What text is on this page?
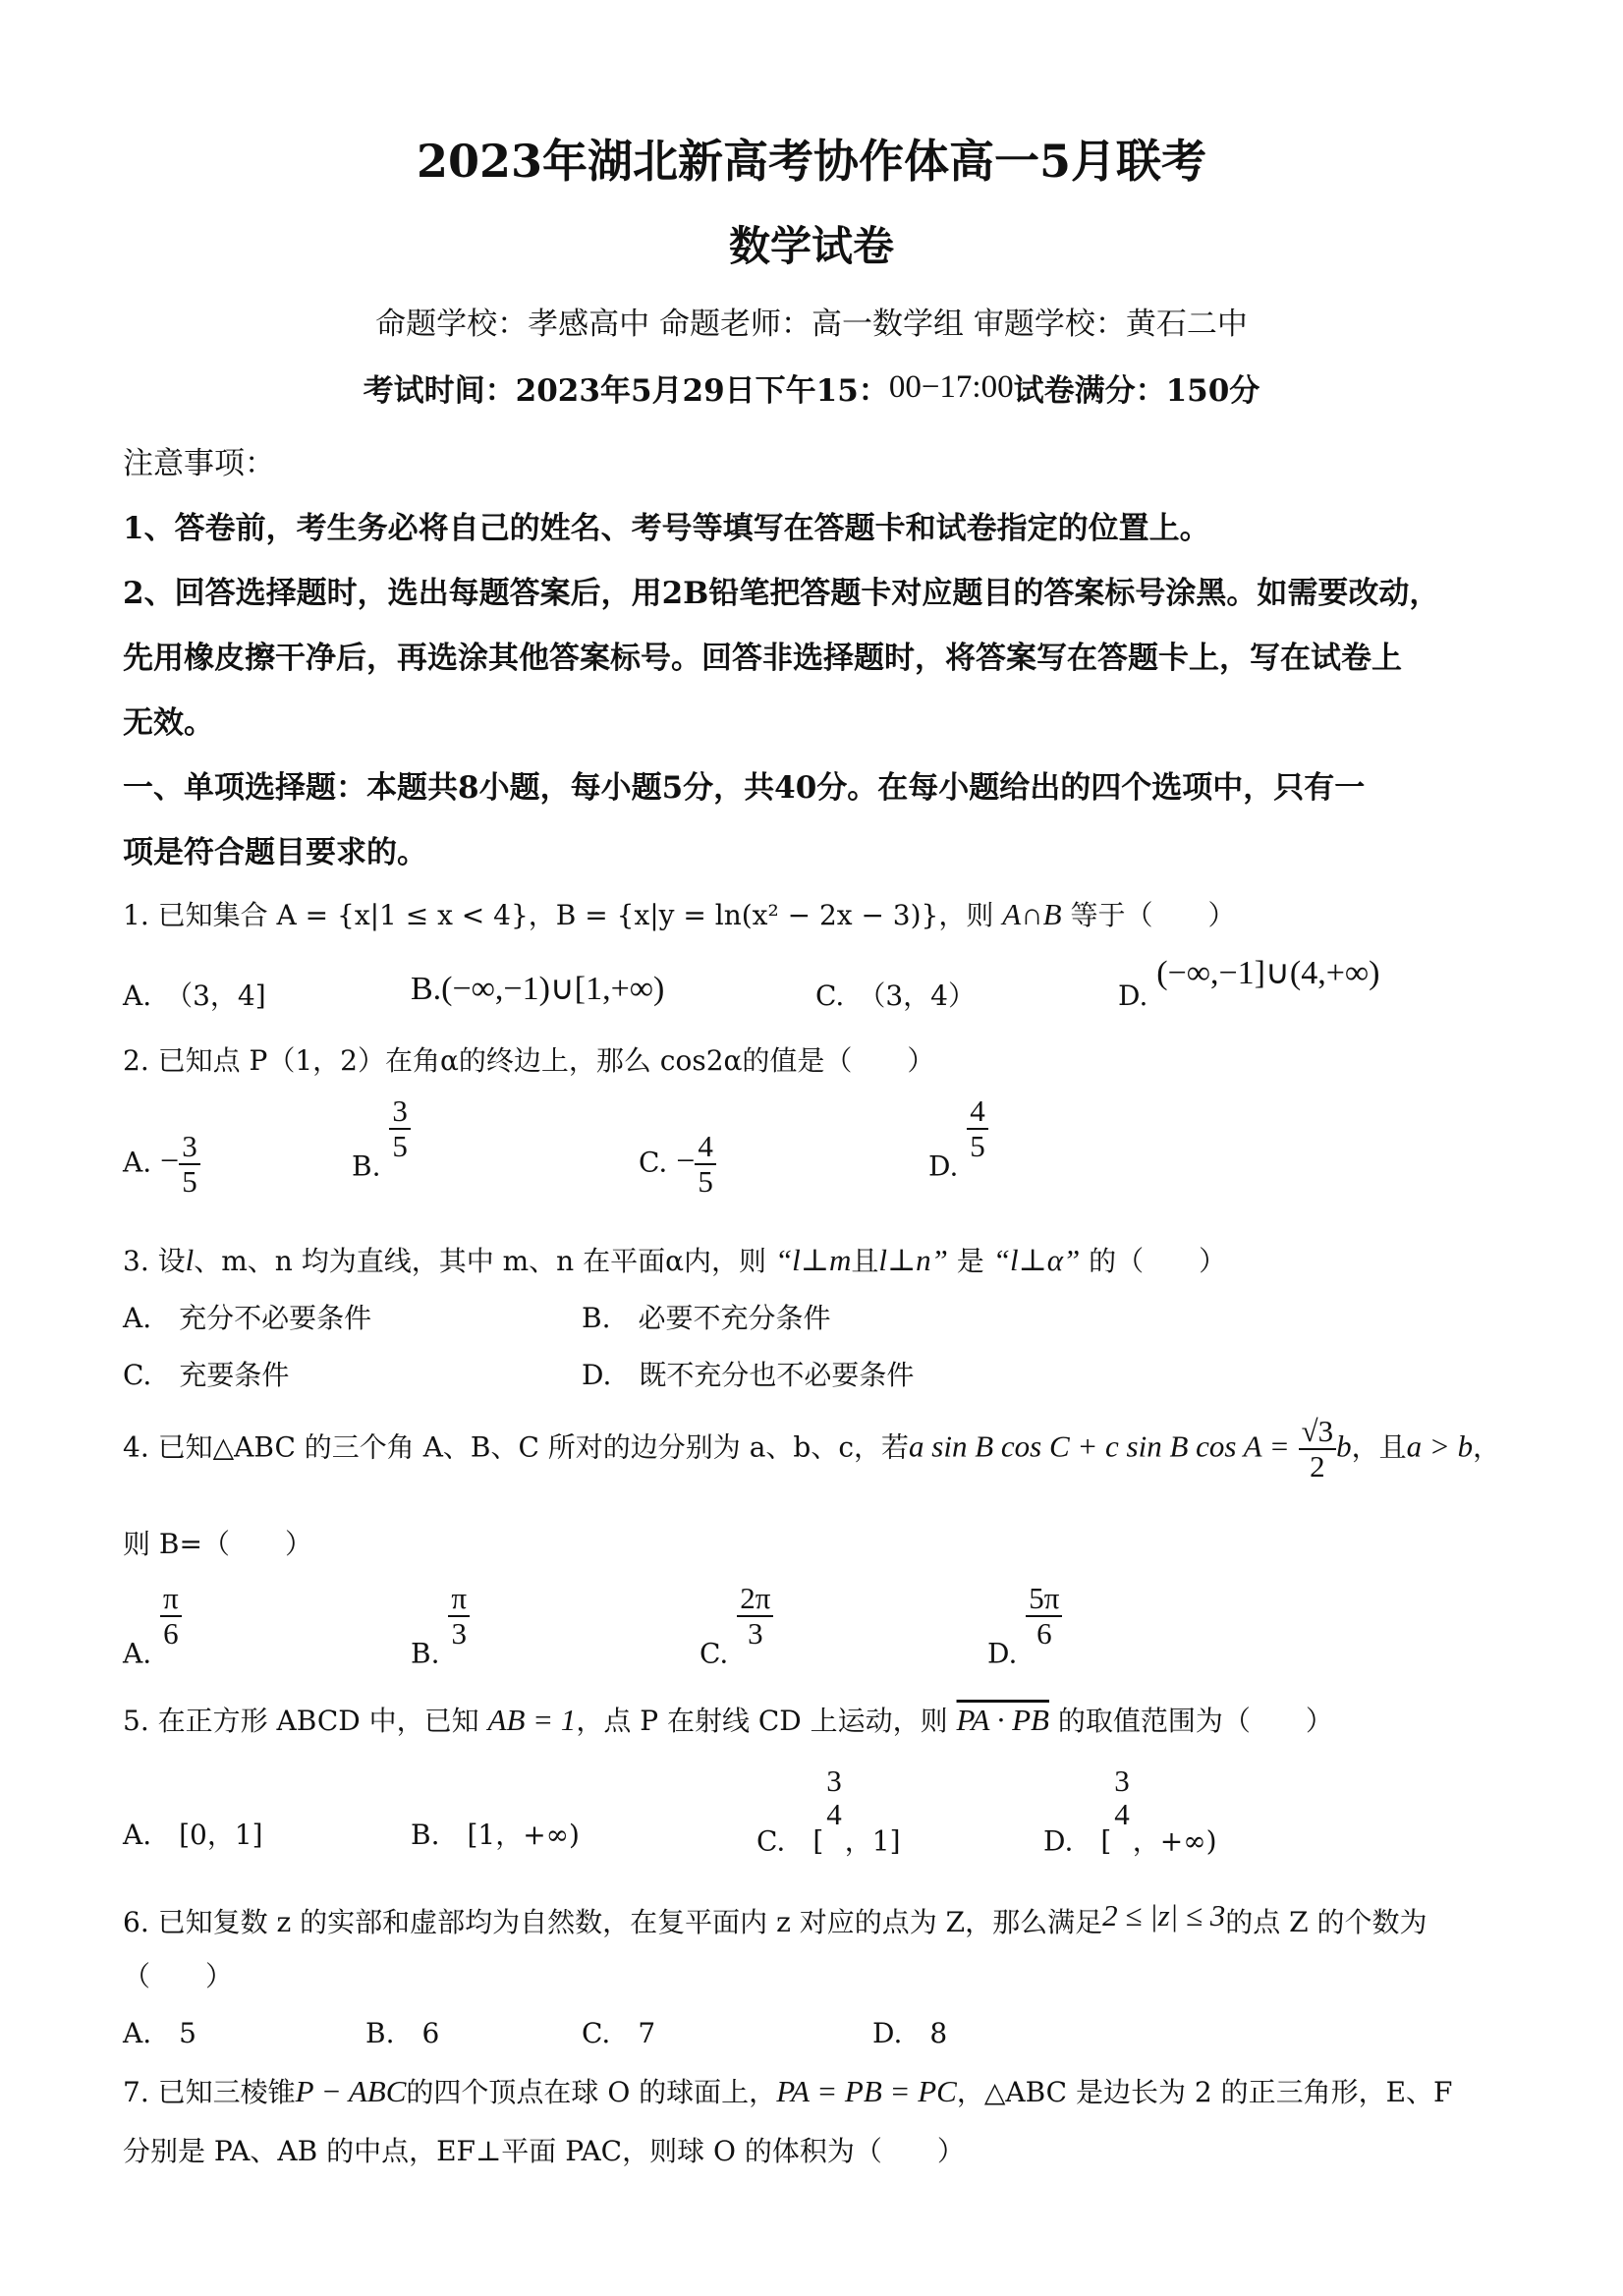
2023年湖北新高考协作体高一5月联考
数学试卷
命题学校：孝感高中 命题老师：高一数学组 审题学校：黄石二中
考试时间：2023年5月29日下午15：00−17:00试卷满分：150分
注意事项：
1、答卷前，考生务必将自己的姓名、考号等填写在答题卡和试卷指定的位置上。
2、回答选择题时，选出每题答案后，用2B铅笔把答题卡对应题目的答案标号涂黑。如需要改动，
先用橡皮擦干净后，再选涂其他答案标号。回答非选择题时，将答案写在答题卡上，写在试卷上
无效。
一、单项选择题：本题共8小题，每小题5分，共40分。在每小题给出的四个选项中，只有一
项是符合题目要求的。
1. 已知集合 A = {x|1 ≤ x < 4}，B = {x|y = ln(x² − 2x − 3)}，则 A∩B 等于（　　）
A.　（3，4]	B.(−∞,−1)∪[1,+∞)	C.　（3，4）	D. (−∞,−1]∪(4,+∞)
2. 已知点 P（1，2）在角α的终边上，那么 cos2α的值是（　　）
A. − $\frac{3}{5}$	B.
$\frac{3}{5}$	C. − $\frac{4}{5}$	D.
$\frac{4}{5}$
3. 设l、m、n 均为直线，其中 m、n 在平面α内，则 “l⊥m且l⊥n” 是 “l⊥α” 的（　　）
A.　充分不必要条件	B.　必要不充分条件
C.　充要条件	D.　既不充分也不必要条件
4. 已知△ABC 的三个角 A、B、C 所对的边分别为 a、b、c，若a sin B cos C + c sin B $\cos A = \frac{√3}{2}$ b，且a > b，
则 B=（　　）
A.
$\frac{\pi}{6}$
B.
$\frac{\pi}{3}$
C.
$\frac{2\pi}{3}$
D.
$\frac{5\pi}{6}$
5. 在正方形 ABCD 中，已知 AB = 1，点 P 在射线 CD 上运动，则 PA · PB 的取值范围为（　　）
A.　[0，1]	B.　[1，+∞)	C.　[
3
4
，1]	D.　[
3
4
，+∞)
6. 已知复数 z 的实部和虚部均为自然数，在复平面内 z 对应的点为 Z，那么满足2 ≤ |z| ≤ 3的点 Z 的个数为
（　　）
A.　5	B.　6	C.　7	D.　8
7. 已知三棱锥P − ABC的四个顶点在球 O 的球面上，PA = PB = PC，△ABC 是边长为 2 的正三角形，E、F
分别是 PA、AB 的中点，EF⊥平面 PAC，则球 O 的体积为（　　）
